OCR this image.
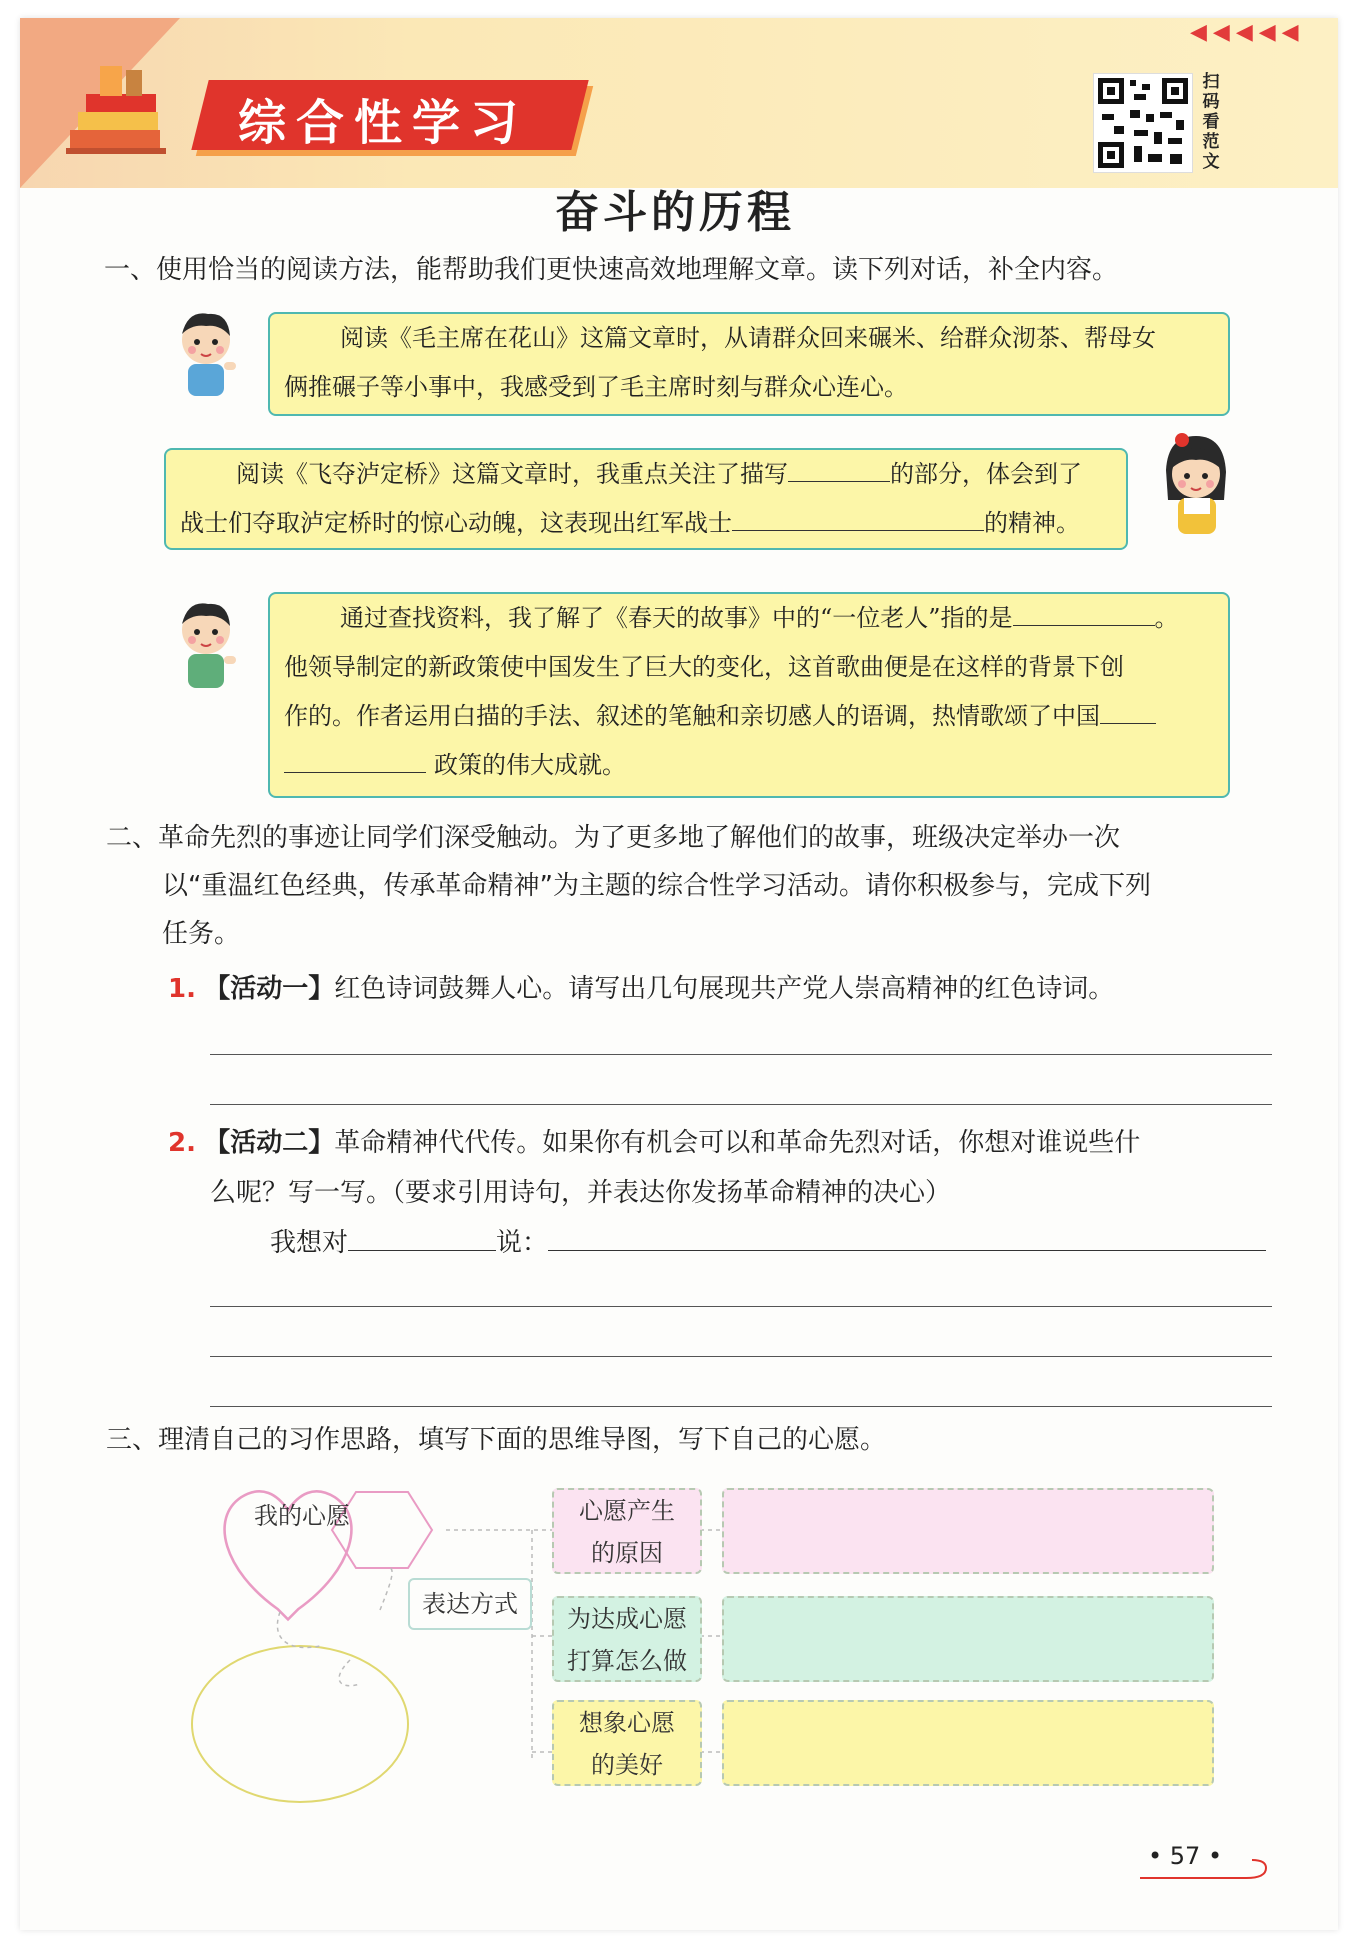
◀◀◀◀◀
综合性学习
扫码看范文
奋斗的历程
一、使用恰当的阅读方法，能帮助我们更快速高效地理解文章。读下列对话，补全内容。
阅读《毛主席在花山》这篇文章时，从请群众回来碾米、给群众沏茶、帮母女
俩推碾子等小事中，我感受到了毛主席时刻与群众心连心。
阅读《飞夺泸定桥》这篇文章时，我重点关注了描写	的部分，体会到了
战士们夺取泸定桥时的惊心动魄，这表现出红军战士	的精神。
通过查找资料，我了解了《春天的故事》中的“一位老人”指的是	。
他领导制定的新政策使中国发生了巨大的变化，这首歌曲便是在这样的背景下创
作的。作者运用白描的手法、叙述的笔触和亲切感人的语调，热情歌颂了中国
政策的伟大成就。
二、革命先烈的事迹让同学们深受触动。为了更多地了解他们的故事，班级决定举办一次
以“重温红色经典，传承革命精神”为主题的综合性学习活动。请你积极参与，完成下列
任务。
1. 【活动一】红色诗词鼓舞人心。请写出几句展现共产党人崇高精神的红色诗词。
2. 【活动二】革命精神代代传。如果你有机会可以和革命先烈对话，你想对谁说些什
么呢？写一写。（要求引用诗句，并表达你发扬革命精神的决心）
我想对	说：
三、理清自己的习作思路，填写下面的思维导图，写下自己的心愿。
我的心愿
表达方式
心愿产生
的原因
为达成心愿
打算怎么做
想象心愿
的美好
• 57 •
